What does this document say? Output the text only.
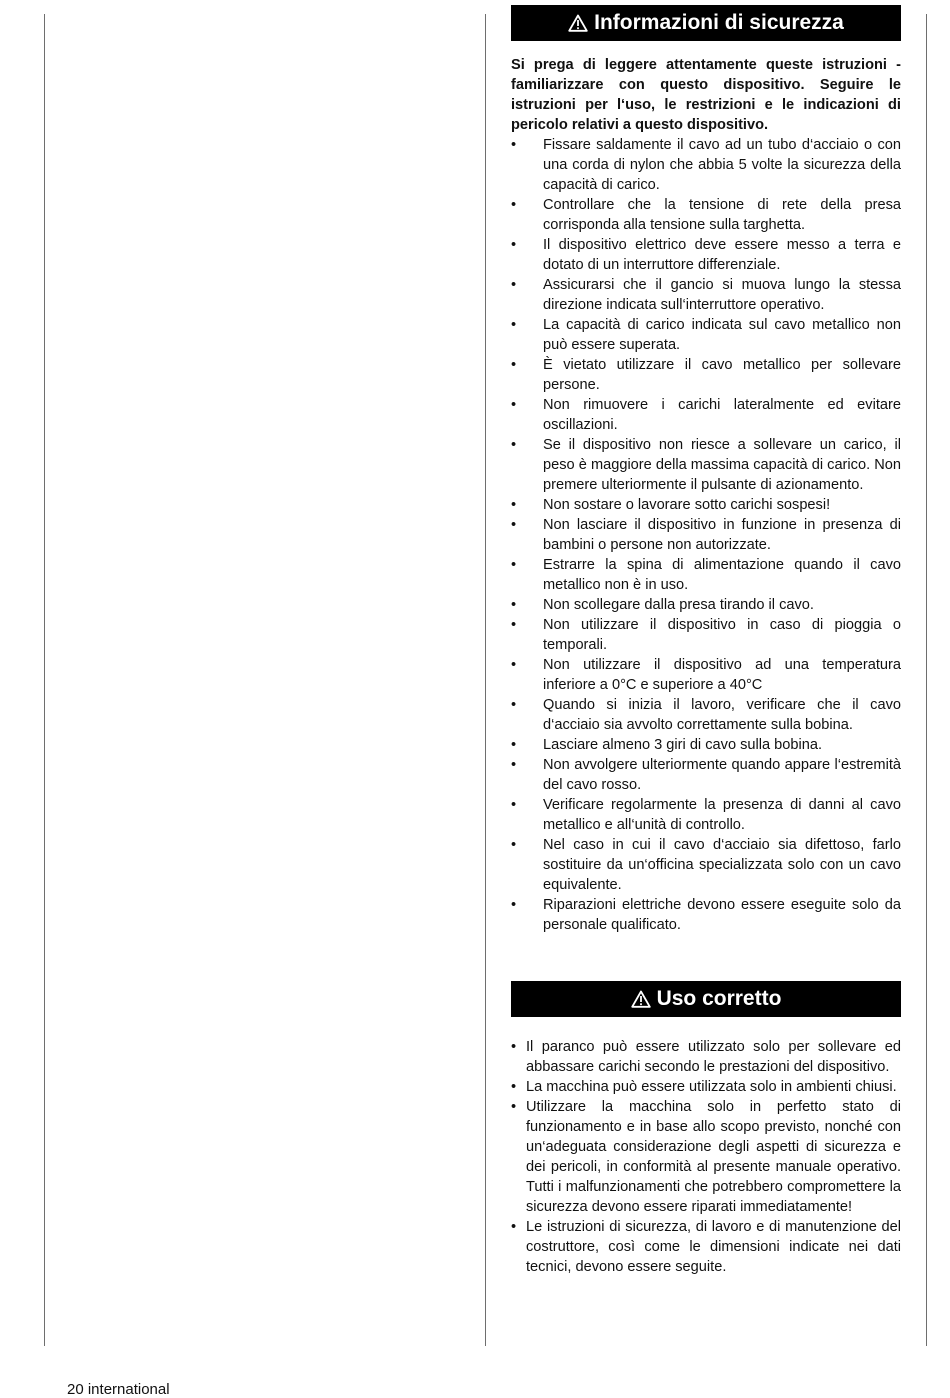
Informazioni di sicurezza
Si prega di leggere attentamente queste istruzioni - familiarizzare con questo dispositivo. Seguire le istruzioni per l‘uso, le restrizioni e le indicazioni di pericolo relativi a questo dispositivo.
• Fissare saldamente il cavo ad un tubo d‘acciaio o con una corda di nylon che abbia 5 volte la sicurezza della capacità di carico.
• Controllare che la tensione di rete della presa corrisponda alla tensione sulla targhetta.
• Il dispositivo elettrico deve essere messo a terra e dotato di un interruttore differenziale.
• Assicurarsi che il gancio si muova lungo la stessa direzione indicata sull‘interruttore operativo.
• La capacità di carico indicata sul cavo metallico non può essere superata.
• È vietato utilizzare il cavo metallico per sollevare persone.
• Non rimuovere i carichi lateralmente ed evitare oscillazioni.
• Se il dispositivo non riesce a sollevare un carico, il peso è maggiore della massima capacità di carico. Non premere ulteriormente il pulsante di azionamento.
• Non sostare o lavorare sotto carichi sospesi!
• Non lasciare il dispositivo in funzione in presenza di bambini o persone non autorizzate.
• Estrarre la spina di alimentazione quando il cavo metallico non è in uso.
• Non scollegare dalla presa tirando il cavo.
• Non utilizzare il dispositivo in caso di pioggia o temporali.
• Non utilizzare il dispositivo ad una temperatura inferiore a 0°C e superiore a 40°C
• Quando si inizia il lavoro, verificare che il cavo d‘acciaio sia avvolto correttamente sulla bobina.
• Lasciare almeno 3 giri di cavo sulla bobina.
• Non avvolgere ulteriormente quando appare l‘estremità del cavo rosso.
• Verificare regolarmente la presenza di danni al cavo metallico e all‘unità di controllo.
• Nel caso in cui il cavo d‘acciaio sia difettoso, farlo sostituire da un‘officina specializzata solo con un cavo equivalente.
• Riparazioni elettriche devono essere eseguite solo da personale qualificato.
Uso corretto
• Il paranco può essere utilizzato solo per sollevare ed abbassare carichi secondo le prestazioni del dispositivo.
• La macchina può essere utilizzata solo in ambienti chiusi.
• Utilizzare la macchina solo in perfetto stato di funzionamento e in base allo scopo previsto, nonché con un‘adeguata considerazione degli aspetti di sicurezza e dei pericoli, in conformità al presente manuale operativo. Tutti i malfunzionamenti che potrebbero compromettere la sicurezza devono essere riparati immediatamente!
• Le istruzioni di sicurezza, di lavoro e di manutenzione del costruttore, così come le dimensioni indicate nei dati tecnici, devono essere seguite.
20 international
